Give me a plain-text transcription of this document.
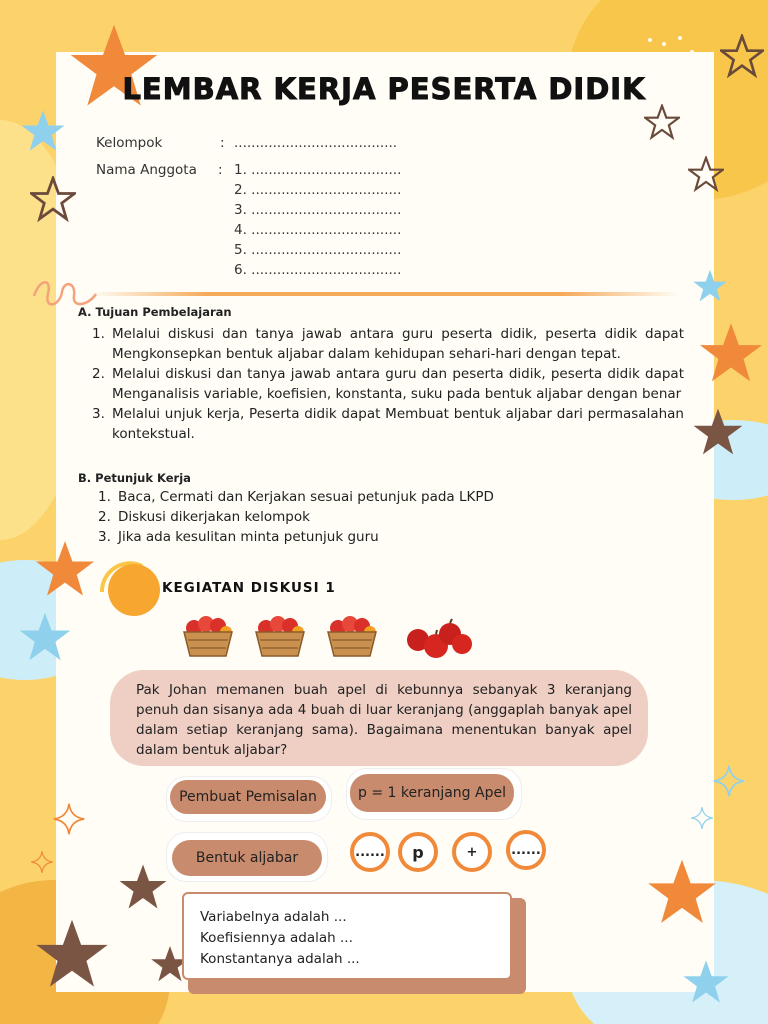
LEMBAR KERJA PESERTA DIDIK
Kelompok	: ......................................
Nama Anggota : 1. ...................................
2. ...................................
3. ...................................
4. ...................................
5. ...................................
6. ...................................
A. Tujuan Pembelajaran
1. Melalui diskusi dan tanya jawab antara guru peserta didik, peserta didik dapat Mengkonsepkan bentuk aljabar dalam kehidupan sehari-hari dengan tepat.
2. Melalui diskusi dan tanya jawab antara guru dan peserta didik, peserta didik dapat Menganalisis variable, koefisien, konstanta, suku pada bentuk aljabar dengan benar
3. Melalui unjuk kerja, Peserta didik dapat Membuat bentuk aljabar dari permasalahan kontekstual.
B. Petunjuk Kerja
1. Baca, Cermati dan Kerjakan sesuai petunjuk pada LKPD
2. Diskusi dikerjakan kelompok
3. Jika ada kesulitan minta petunjuk guru
KEGIATAN DISKUSI 1
Pak Johan memanen buah apel di kebunnya sebanyak 3 keranjang penuh dan sisanya ada 4 buah di luar keranjang (anggaplah banyak apel dalam setiap keranjang sama). Bagaimana menentukan banyak apel dalam bentuk aljabar?
Pembuat Pemisalan	p = 1 keranjang Apel
Bentuk aljabar	......	p	+	......
Variabelnya adalah ...
Koefisiennya adalah ...
Konstantanya adalah ...
